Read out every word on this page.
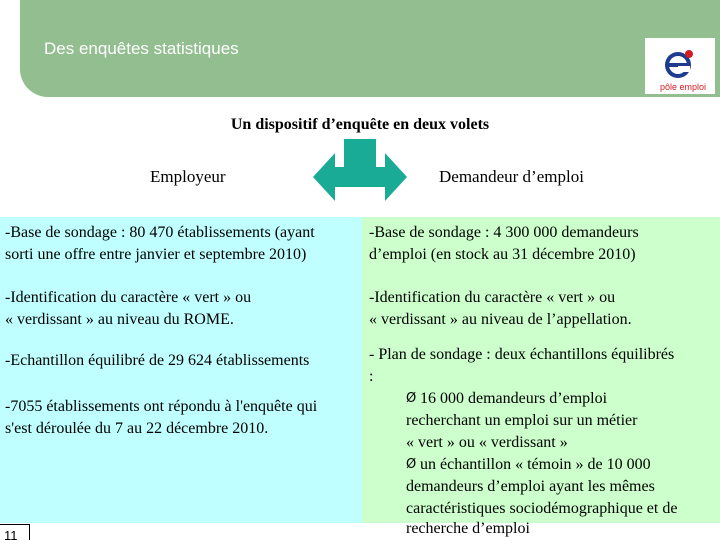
Des enquêtes statistiques
pôle emploi
Un dispositif d’enquête en deux volets
Employeur	Demandeur d’emploi
-Base de sondage : 80 470 établissements (ayant
sorti une offre entre janvier et septembre 2010)
-Identification du caractère « vert » ou
« verdissant » au niveau du ROME.
-Echantillon équilibré de 29 624 établissements
-7055 établissements ont répondu à l'enquête qui
s'est déroulée du 7 au 22 décembre 2010.
-Base de sondage : 4 300 000 demandeurs
d’emploi (en stock au 31 décembre 2010)
-Identification du caractère « vert » ou
« verdissant » au niveau de l’appellation.
- Plan de sondage : deux échantillons équilibrés
:
Ø 16 000 demandeurs d’emploi
recherchant un emploi sur un métier
« vert » ou « verdissant »
Ø un échantillon « témoin » de 10 000
demandeurs d’emploi ayant les mêmes
caractéristiques sociodémographique et de
recherche d’emploi
11
